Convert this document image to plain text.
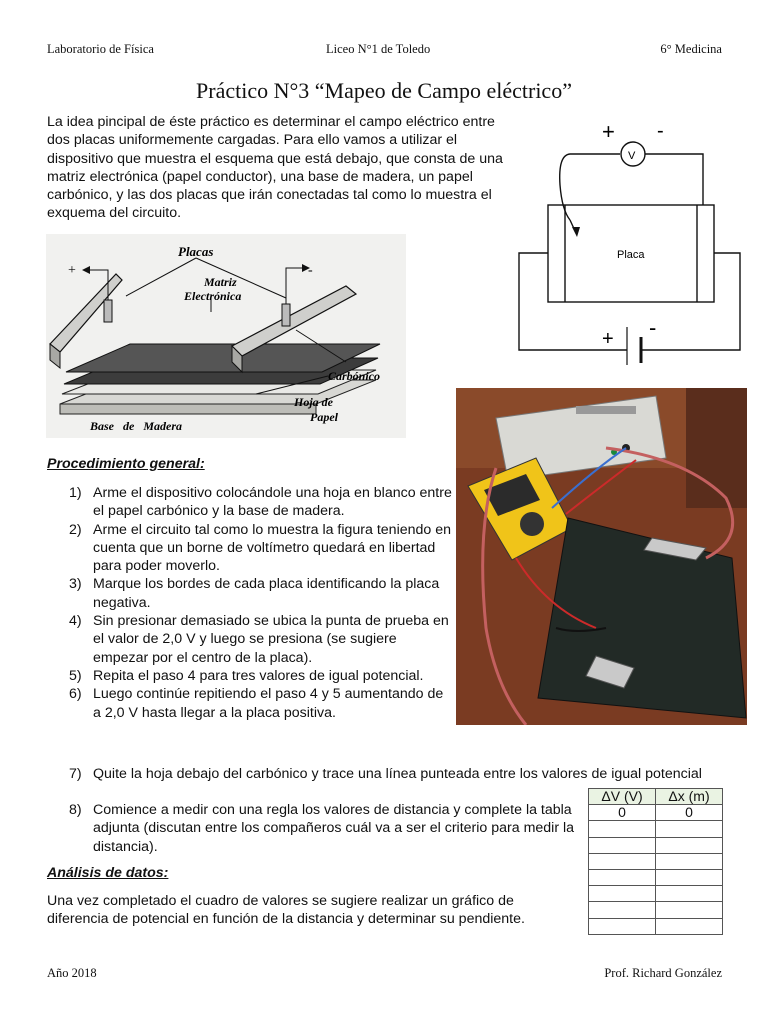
Laboratorio de Física	Liceo N°1 de Toledo	6° Medicina
Práctico N°3 “Mapeo de Campo eléctrico”
La idea pincipal de éste práctico es determinar el campo eléctrico entre dos placas uniformemente cargadas. Para ello vamos a utilizar el dispositivo que muestra el esquema que está debajo, que consta de una matriz electrónica (papel conductor), una base de madera, un papel carbónico, y las dos placas que irán conectadas tal como lo muestra el exquema del circuito.
+ -
V
Placa
+ -
+	-
Placas
Matriz
Electrónica
Carbónico
Hoja de
Papel
Base   de   Madera
Procedimiento general:
1) Arme el dispositivo colocándole una hoja en blanco entre el papel carbónico y la base de madera.
2) Arme el circuito tal como lo muestra la figura teniendo en cuenta que un borne de voltímetro quedará en libertad para poder moverlo.
3) Marque los bordes de cada placa identificando la placa negativa.
4) Sin presionar demasiado se ubica la punta de prueba en el valor de 2,0 V y luego se presiona (se sugiere empezar por el centro de la placa).
5) Repita el paso 4 para tres valores de igual potencial.
6) Luego continúe repitiendo el paso 4 y 5 aumentando de a 2,0 V hasta llegar a la placa positiva.
7) Quite la hoja debajo del carbónico y trace una línea punteada entre los valores de igual potencial
8) Comience a medir con una regla los valores de distancia y complete la tabla adjunta (discutan entre los compañeros cuál va a ser el criterio para medir la distancia).
ΔV (V)	Δx (m)
0	0

Análisis de datos:
Una vez completado el cuadro de valores se sugiere realizar un gráfico de diferencia de potencial en función de la distancia y determinar su pendiente.
Año 2018	Prof. Richard González
